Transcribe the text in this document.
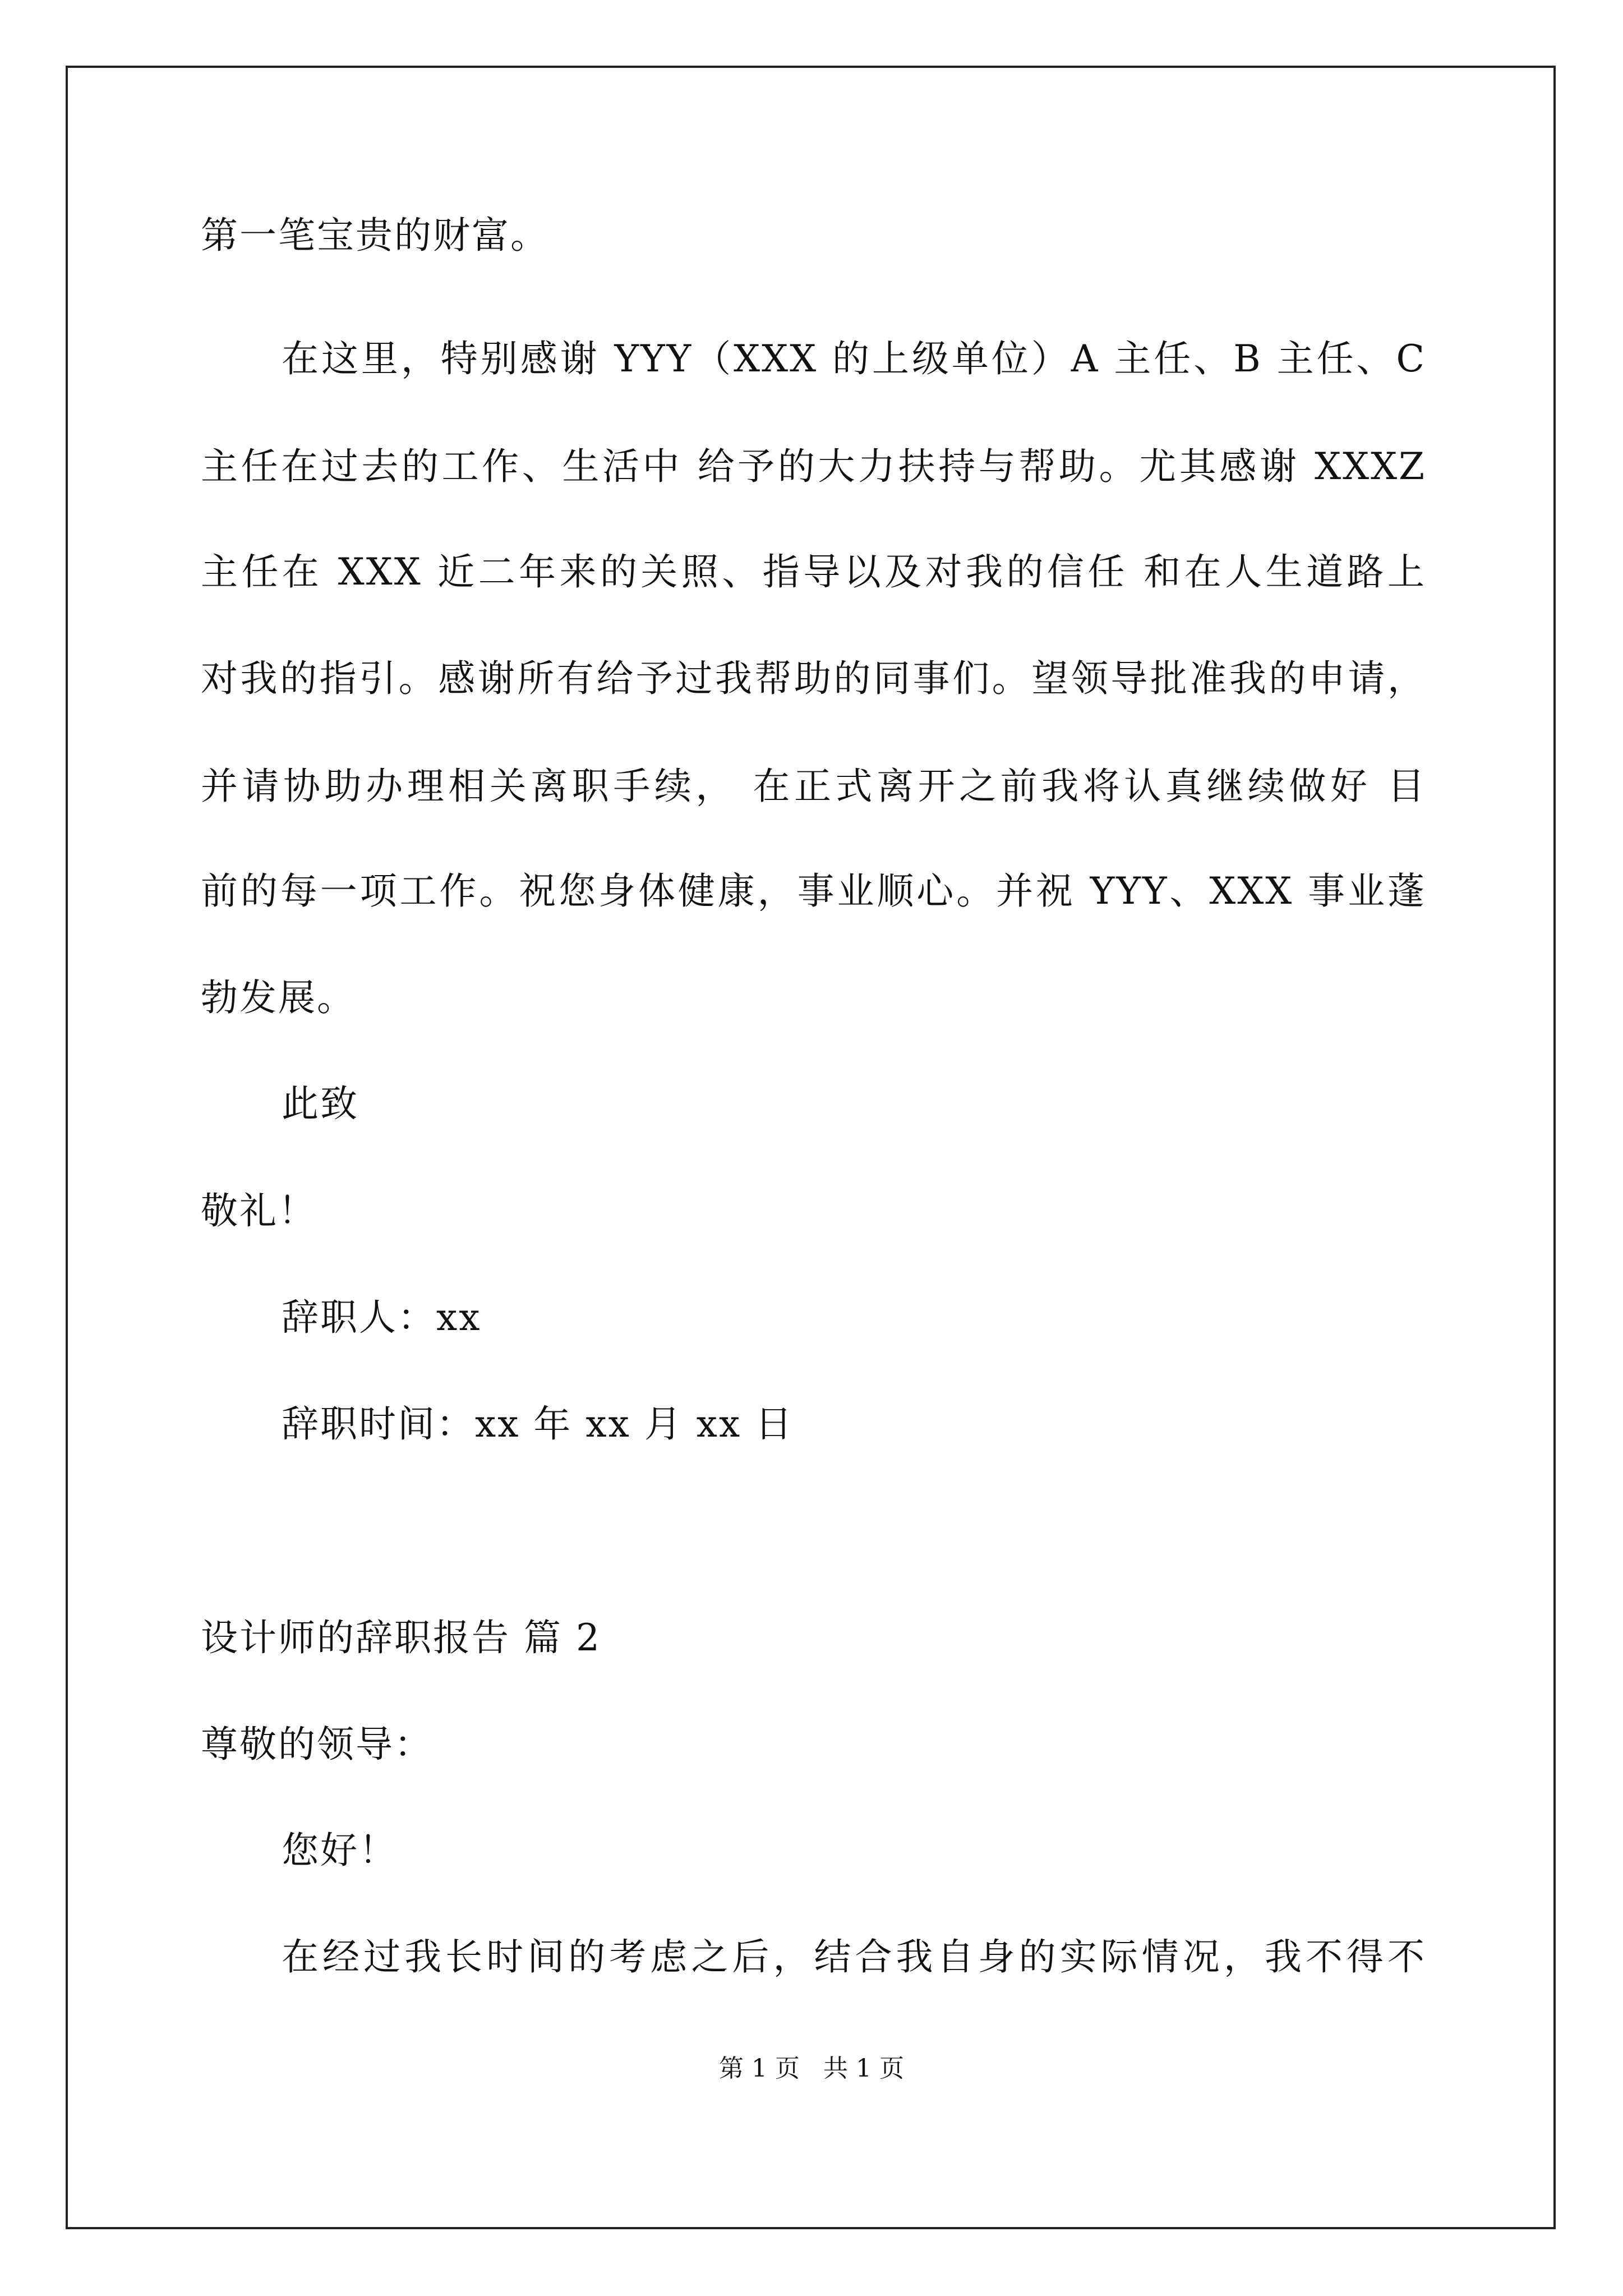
第一笔宝贵的财富。
在这里，特别感谢 YYY（XXX 的上级单位）A 主任、B 主任、C
主任在过去的工作、生活中 给予的大力扶持与帮助。尤其感谢 XXXZ
主任在 XXX 近二年来的关照、指导以及对我的信任 和在人生道路上
对我的指引。感谢所有给予过我帮助的同事们。望领导批准我的申请，
并请协助办理相关离职手续， 在正式离开之前我将认真继续做好 目
前的每一项工作。祝您身体健康，事业顺心。并祝 YYY、XXX 事业蓬
勃发展。
此致
敬礼！
辞职人：xx
辞职时间：xx 年 xx 月 xx 日
设计师的辞职报告 篇 2
尊敬的领导：
您好！
在经过我长时间的考虑之后，结合我自身的实际情况，我不得不
第 1 页   共 1 页
